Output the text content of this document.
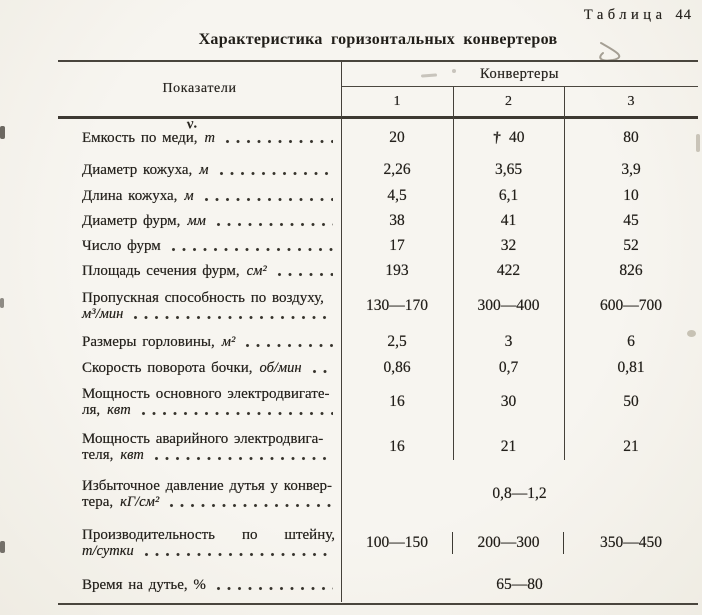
Таблица 44
Характеристика горизонтальных конвертеров
Показатели
Конвертеры
1	2	3
Емкость по меди, т	20	† 40	80
Диаметр кожуха, м	2,26	3,65	3,9
Длина кожуха, м	4,5	6,1	10
Диаметр фурм, мм	38	41	45
Число фурм	17	32	52
Площадь сечения фурм, см²	193	422	826
Пропускная способность по воздуху,
м³/мин	130—170	300—400	600—700
Размеры горловины, м²	2,5	3	6
Скорость поворота бочки, об/мин	0,86	0,7	0,81
Мощность основного электродвигате-
ля, квт	16	30	50
Мощность аварийного электродвига-
теля, квт	16	21	21
Избыточное давление дутья у конвер-
тера, кГ/см²	0,8—1,2
Производительность по штейну,
т/сутки	100—150	200—300	350—450
Время на дутье, %	65—80
ν.
